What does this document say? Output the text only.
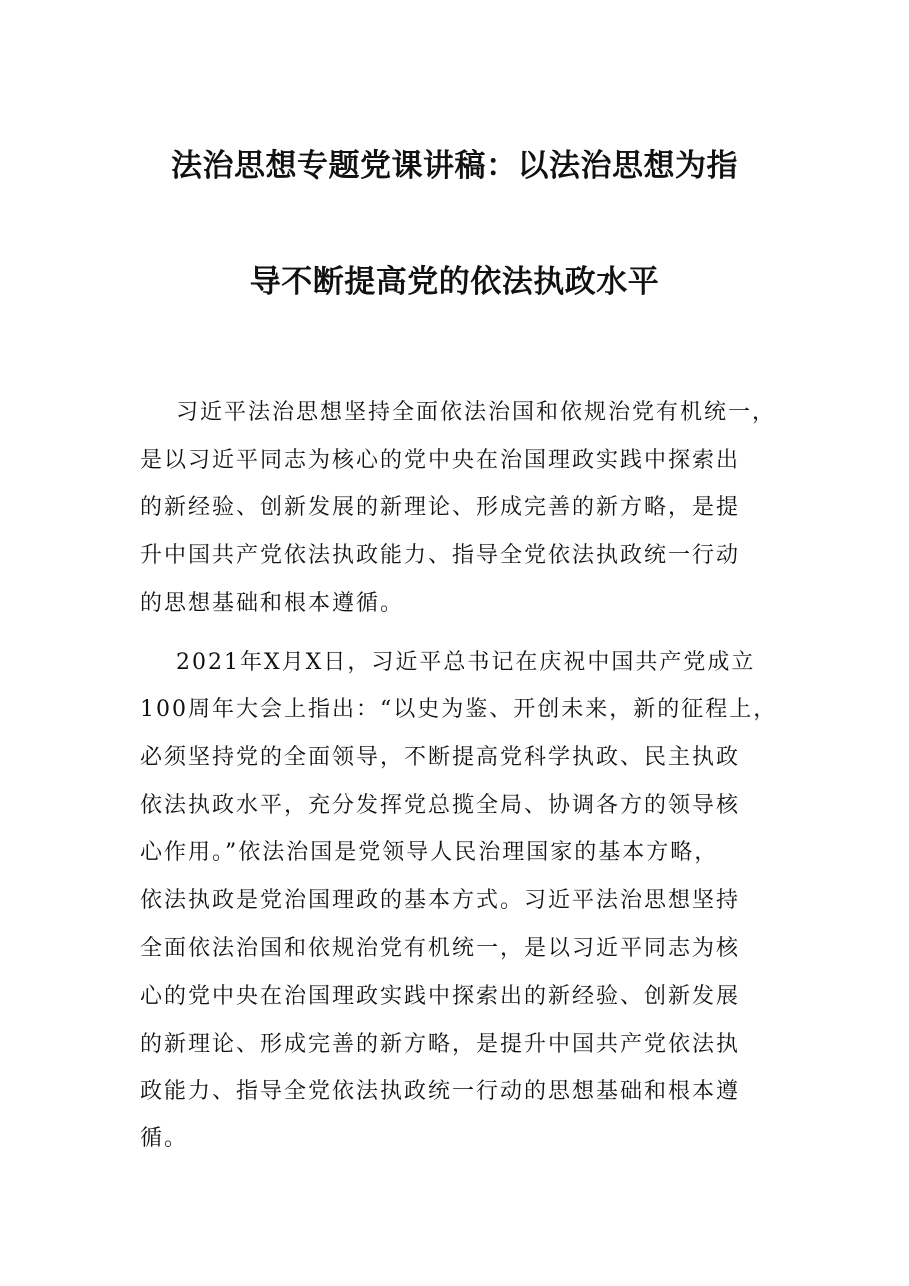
法治思想专题党课讲稿：以法治思想为指
导不断提高党的依法执政水平
习近平法治思想坚持全面依法治国和依规治党有机统一，
是以习近平同志为核心的党中央在治国理政实践中探索出
的新经验、创新发展的新理论、形成完善的新方略，是提
升中国共产党依法执政能力、指导全党依法执政统一行动
的思想基础和根本遵循。
2021年X月X日，习近平总书记在庆祝中国共产党成立
100周年大会上指出：“以史为鉴、开创未来，新的征程上，
必须坚持党的全面领导，不断提高党科学执政、民主执政
依法执政水平，充分发挥党总揽全局、协调各方的领导核
心作用。”依法治国是党领导人民治理国家的基本方略，
依法执政是党治国理政的基本方式。习近平法治思想坚持
全面依法治国和依规治党有机统一，是以习近平同志为核
心的党中央在治国理政实践中探索出的新经验、创新发展
的新理论、形成完善的新方略，是提升中国共产党依法执
政能力、指导全党依法执政统一行动的思想基础和根本遵
循。
